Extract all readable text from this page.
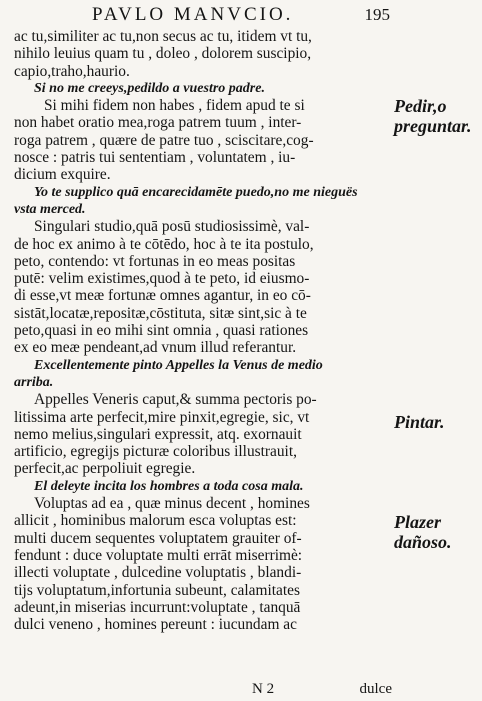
PAVLO MANVCIO.	195
ac tu,similiter ac tu,non secus ac tu, itidem vt tu,
nihilo leuius quam tu , doleo , dolorem suscipio,
capio,traho,haurio.
Si no me creeys,pedildo a vuestro padre.
Si mihi fidem non habes , fidem apud te si
non habet oratio mea,roga patrem tuum , inter-
roga patrem , quære de patre tuo , sciscitare,cog-
nosce : patris tui sententiam , voluntatem , iu-
dicium exquire.
Yo te supplico quā encarecidamēte puedo,no me nieguës
vsta merced.
Singulari studio,quā posū studiosissimè, val-
de hoc ex animo à te cōtēdo, hoc à te ita postulo,
peto, contendo: vt fortunas in eo meas positas
putē: velim existimes,quod à te peto, id eiusmo-
di esse,vt meæ fortunæ omnes agantur, in eo cō-
sistāt,locatæ,repositæ,cōstituta, sitæ sint,sic à te
peto,quasi in eo mihi sint omnia , quasi rationes
ex eo meæ pendeant,ad vnum illud referantur.
Excellentemente pinto Appelles la Venus de medio
arriba.
Appelles Veneris caput,& summa pectoris po-
litissima arte perfecit,mire pinxit,egregie, sic, vt
nemo melius,singulari expressit, atq. exornauit
artificio, egregijs picturæ coloribus illustrauit,
perfecit,ac perpoliuit egregie.
El deleyte incita los hombres a toda cosa mala.
Voluptas ad ea , quæ minus decent , homines
allicit , hominibus malorum esca voluptas est:
multi ducem sequentes voluptatem grauiter of-
fendunt : duce voluptate multi errāt miserrimè:
illecti voluptate , dulcedine voluptatis , blandi-
tijs voluptatum,infortunia subeunt, calamitates
adeunt,in miserias incurrunt:voluptate , tanquā
dulci veneno , homines pereunt : iucundam ac
Pedir,o preguntar.
Pintar.
Plazer dañoso.
N 2	dulce
